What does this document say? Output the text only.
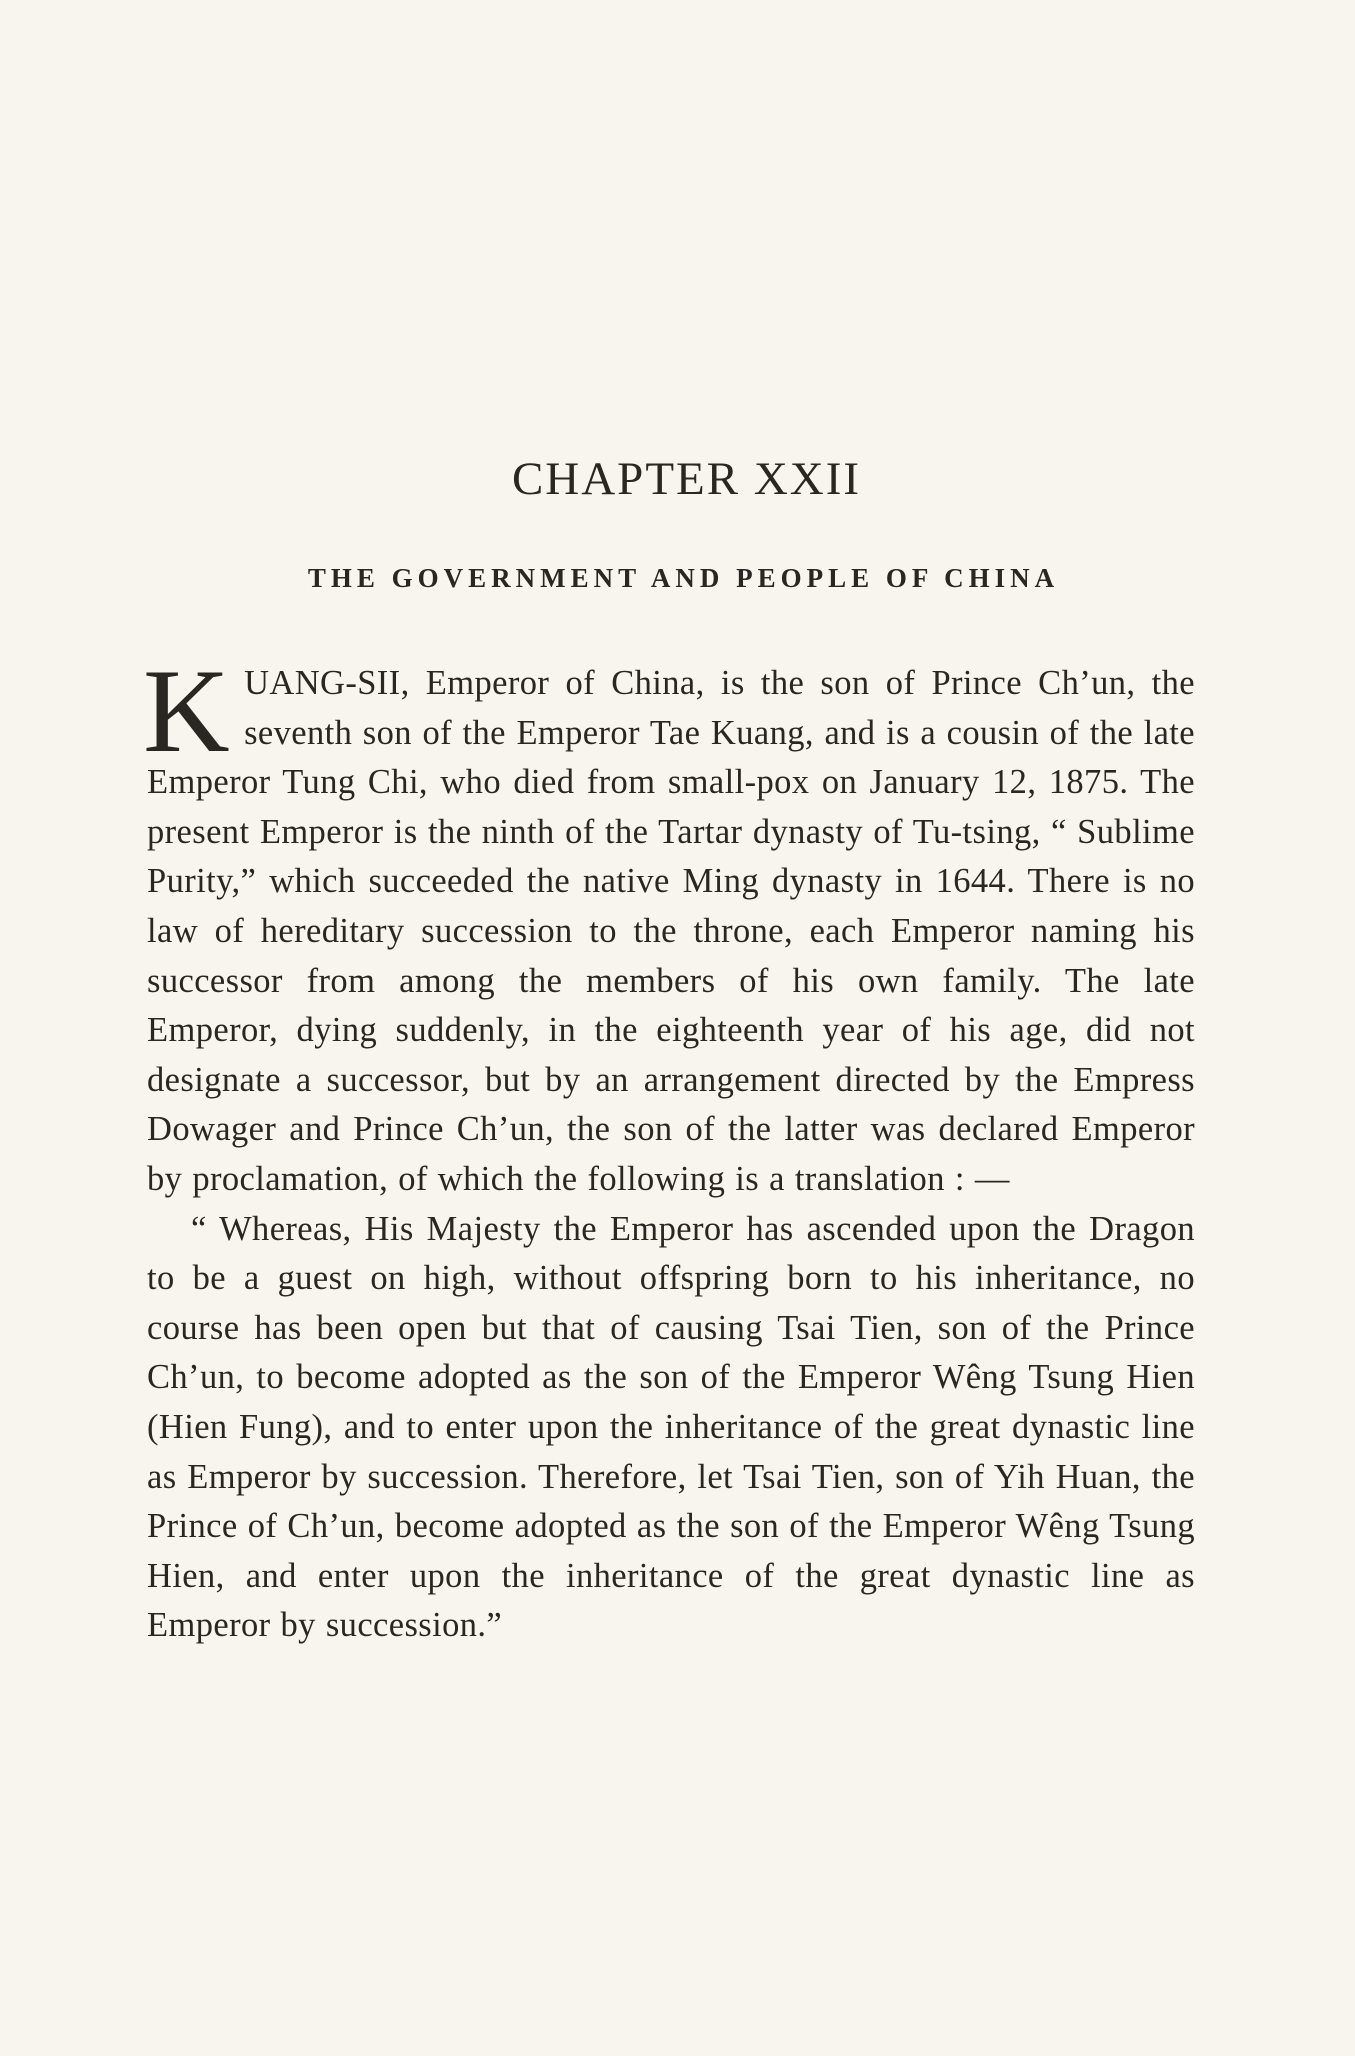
CHAPTER XXII
THE GOVERNMENT AND PEOPLE OF CHINA

KUANG-SII, Emperor of China, is the son of Prince Ch’un, the seventh son of the Emperor Tae Kuang, and is a cousin of the late Emperor Tung Chi, who died from small-pox on January 12, 1875. The present Emperor is the ninth of the Tartar dynasty of Tu-tsing, “ Sublime Purity,” which succeeded the native Ming dynasty in 1644. There is no law of hereditary succession to the throne, each Emperor naming his successor from among the members of his own family. The late Emperor, dying suddenly, in the eighteenth year of his age, did not designate a successor, but by an arrangement directed by the Empress Dowager and Prince Ch’un, the son of the latter was declared Emperor by proclamation, of which the following is a translation : —

“ Whereas, His Majesty the Emperor has ascended upon the Dragon to be a guest on high, without offspring born to his inheritance, no course has been open but that of causing Tsai Tien, son of the Prince Ch’un, to become adopted as the son of the Emperor Wêng Tsung Hien (Hien Fung), and to enter upon the inheritance of the great dynastic line as Emperor by succession. Therefore, let Tsai Tien, son of Yih Huan, the Prince of Ch’un, become adopted as the son of the Emperor Wêng Tsung Hien, and enter upon the inheritance of the great dynastic line as Emperor by succession.”
